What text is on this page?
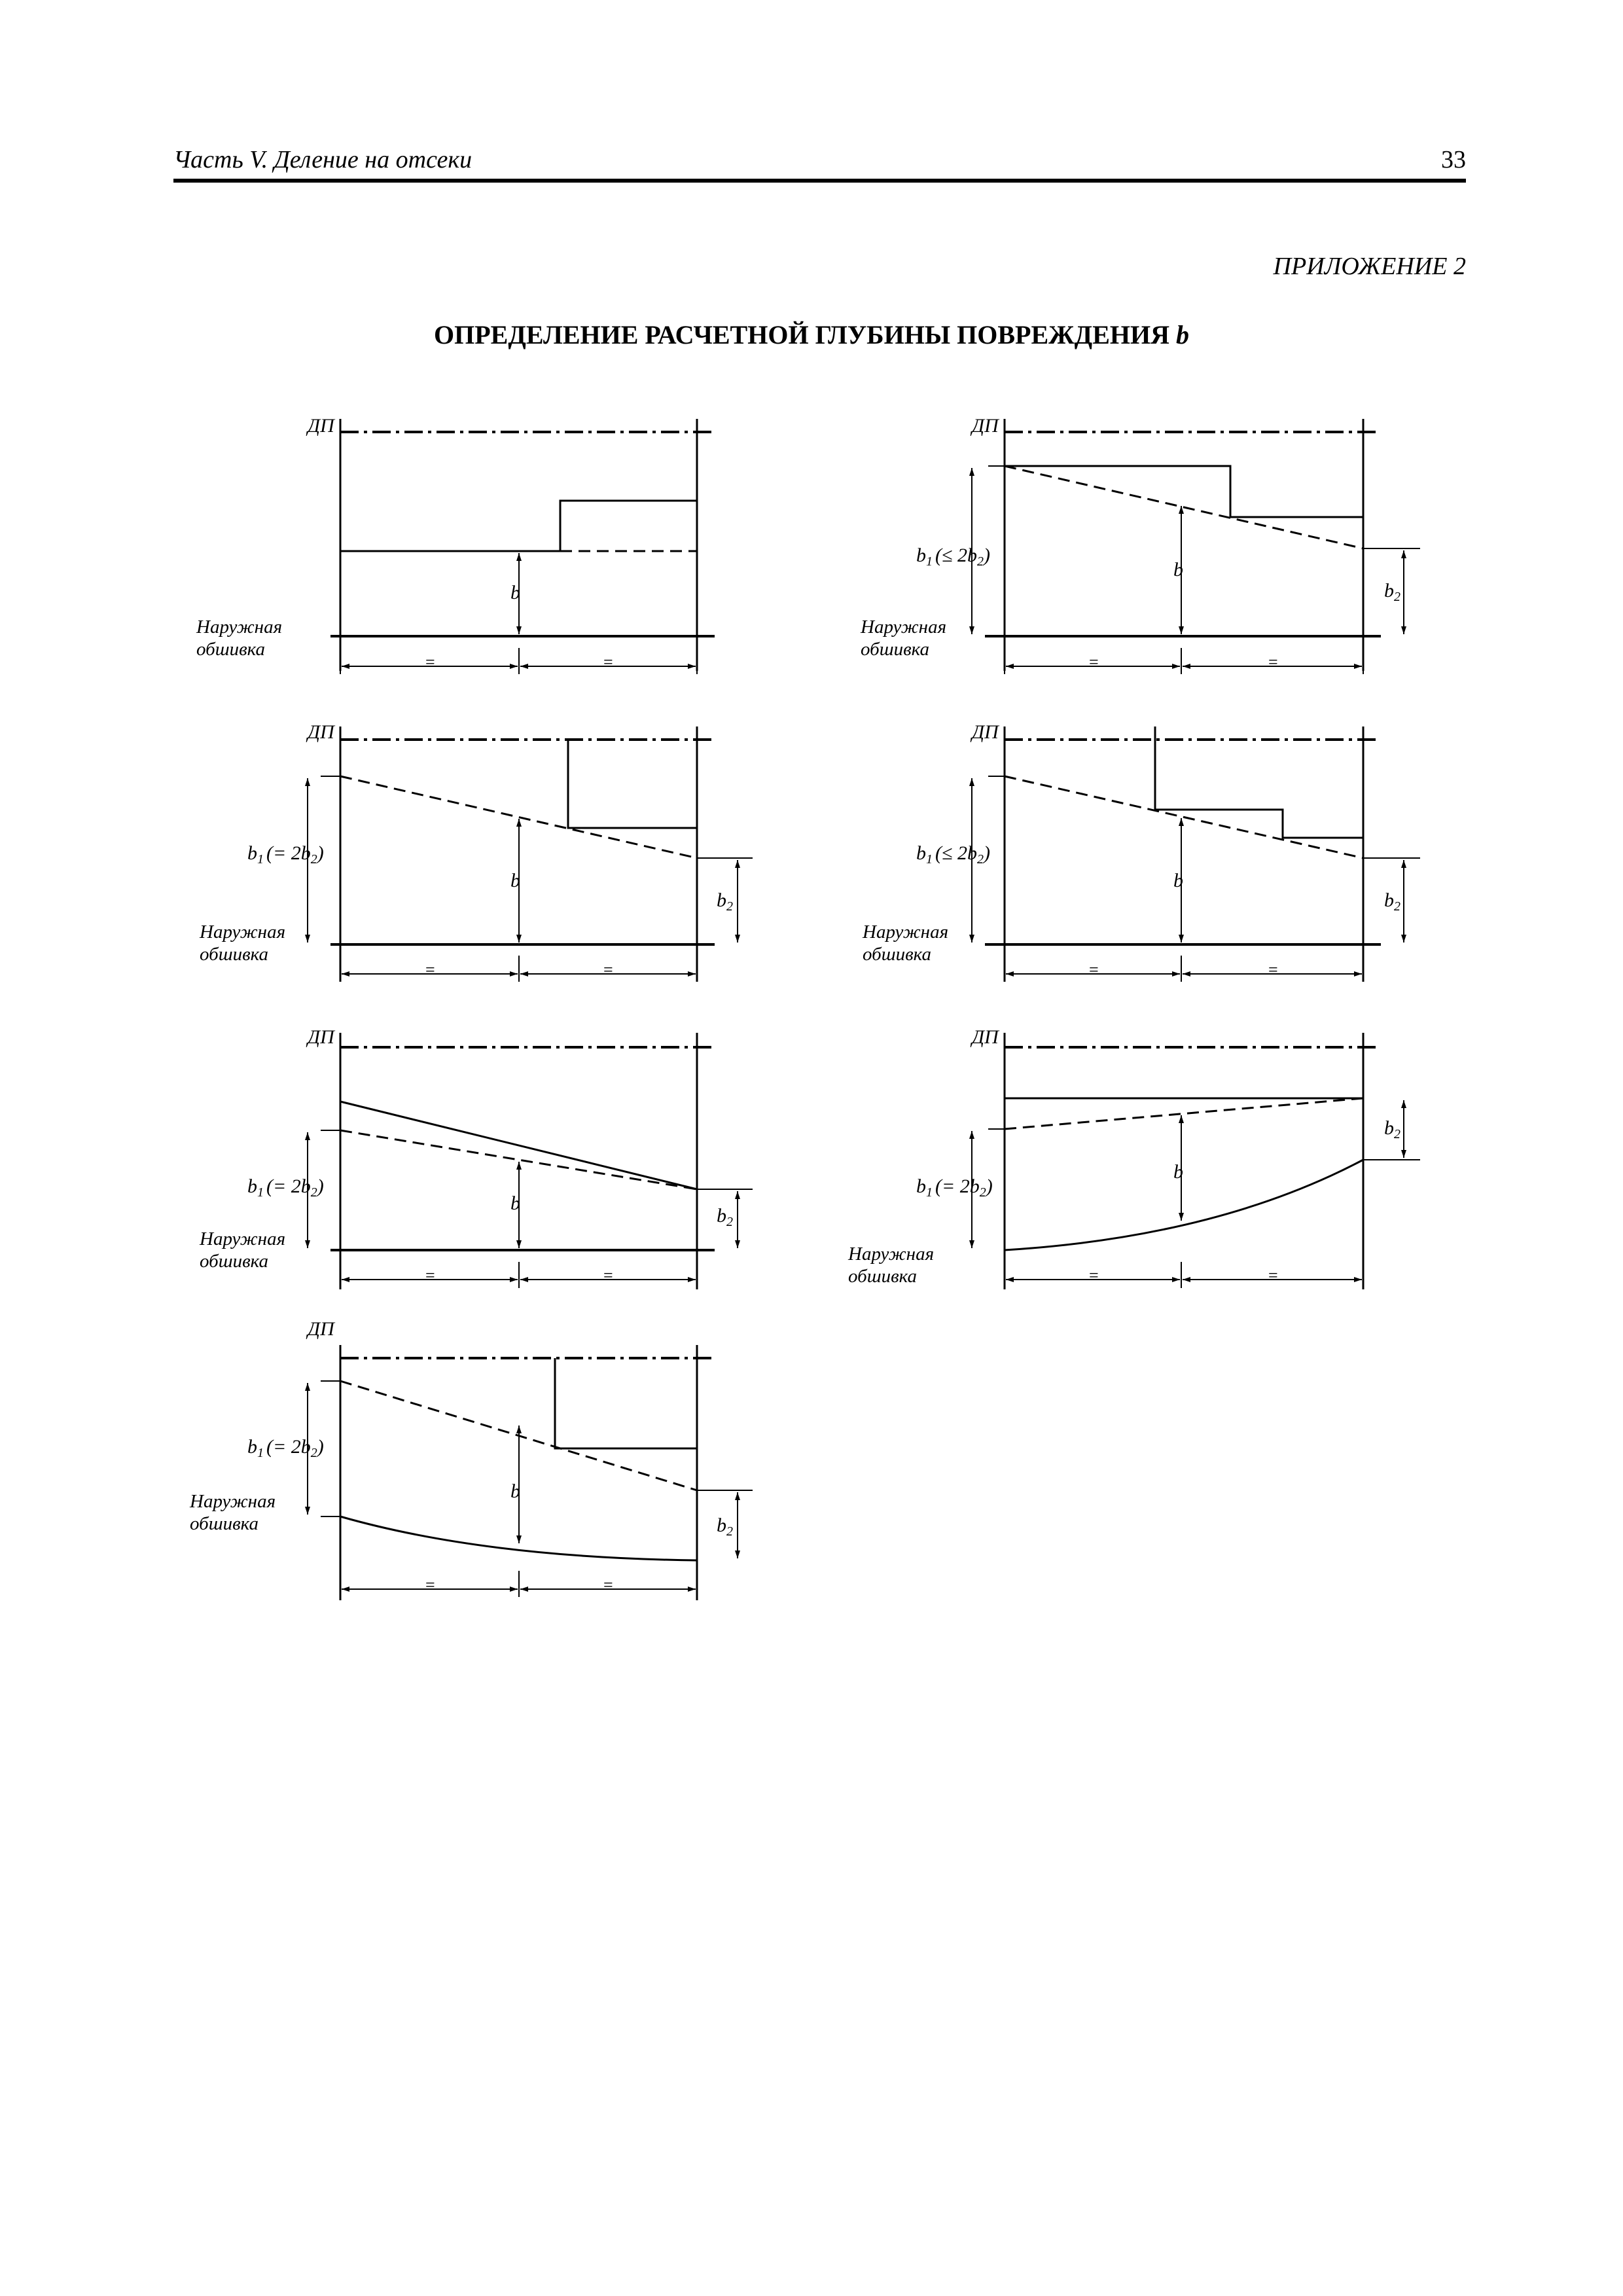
Часть V. Деление на отсеки	33
ПРИЛОЖЕНИЕ 2
ОПРЕДЕЛЕНИЕ РАСЧЕТНОЙ ГЛУБИНЫ ПОВРЕЖДЕНИЯ b
ДП
b
Наружная
обшивка
=	=
ДП
$b_1$ (≤ $2b_2$)
b
$b_2$
Наружная
обшивка
=	=
ДП
$b_1$ (= $2b_2$)
b
$b_2$
Наружная
обшивка
=	=
ДП
$b_1$ (≤ $2b_2$)
b
$b_2$
Наружная
обшивка
=	=
ДП
$b_1$ (= $2b_2$)
b
$b_2$
Наружная
обшивка
=	=
ДП
$b_1$ (= $2b_2$)
b
$b_2$
Наружная
обшивка	=	=
ДП
$b_1$ (= $2b_2$)
b
$b_2$
Наружная
обшивка
=	=
